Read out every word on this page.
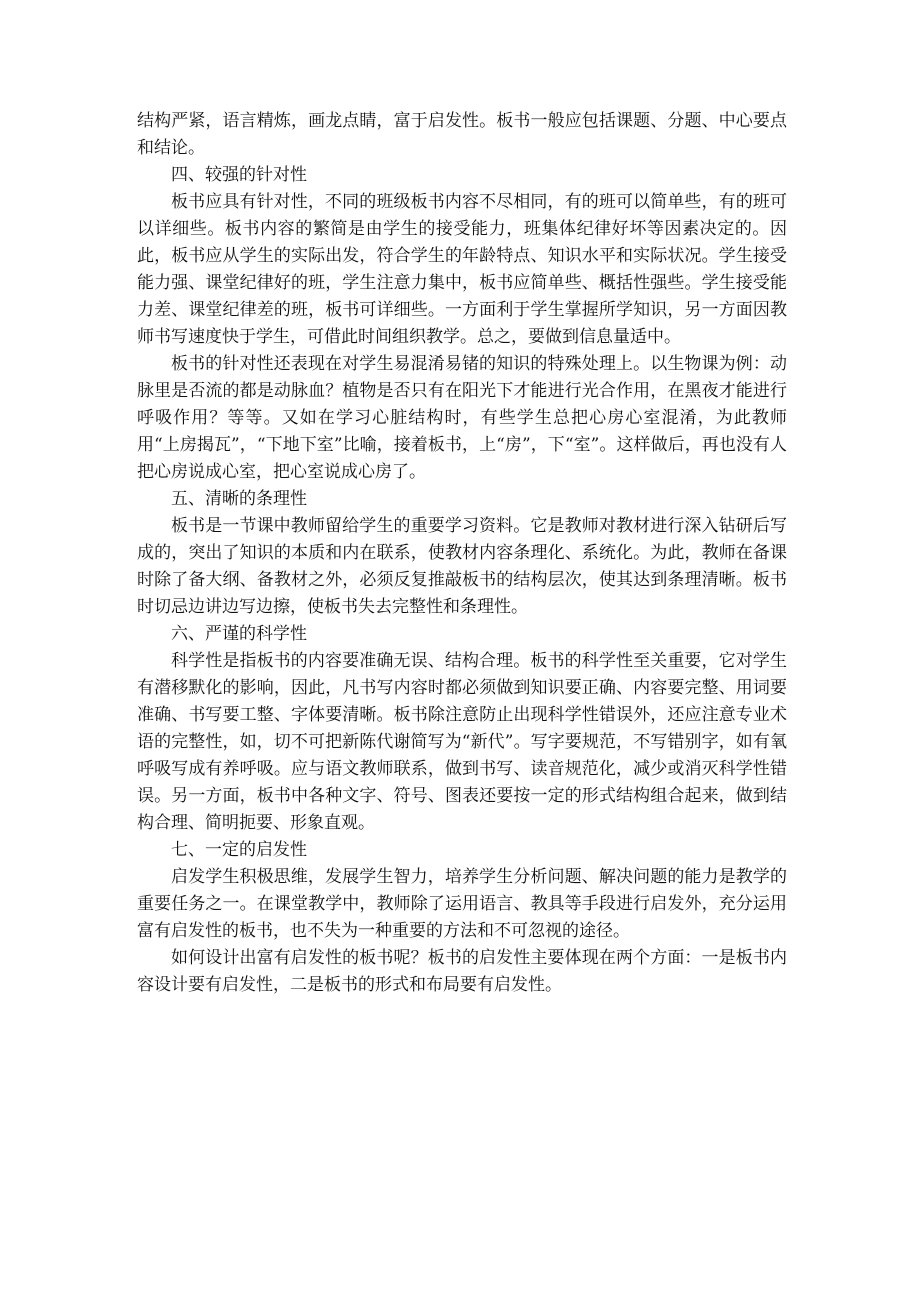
结构严紧，语言精炼，画龙点睛，富于启发性。板书一般应包括课题、分题、中心要点和结论。

四、较强的针对性

板书应具有针对性，不同的班级板书内容不尽相同，有的班可以简单些，有的班可以详细些。板书内容的繁简是由学生的接受能力，班集体纪律好坏等因素决定的。因此，板书应从学生的实际出发，符合学生的年龄特点、知识水平和实际状况。学生接受能力强、课堂纪律好的班，学生注意力集中，板书应简单些、概括性强些。学生接受能力差、课堂纪律差的班，板书可详细些。一方面利于学生掌握所学知识，另一方面因教师书写速度快于学生，可借此时间组织教学。总之，要做到信息量适中。

板书的针对性还表现在对学生易混淆易锗的知识的特殊处理上。以生物课为例：动脉里是否流的都是动脉血？植物是否只有在阳光下才能进行光合作用，在黑夜才能进行呼吸作用？等等。又如在学习心脏结构时，有些学生总把心房心室混淆，为此教师用“上房揭瓦”，“下地下室”比喻，接着板书，上“房”，下“室”。这样做后，再也没有人把心房说成心室，把心室说成心房了。

五、清晰的条理性

板书是一节课中教师留给学生的重要学习资料。它是教师对教材进行深入钻研后写成的，突出了知识的本质和内在联系，使教材内容条理化、系统化。为此，教师在备课时除了备大纲、备教材之外，必须反复推敲板书的结构层次，使其达到条理清晰。板书时切忌边讲边写边擦，使板书失去完整性和条理性。

六、严谨的科学性

科学性是指板书的内容要准确无误、结构合理。板书的科学性至关重要，它对学生有潜移默化的影响，因此，凡书写内容时都必须做到知识要正确、内容要完整、用词要准确、书写要工整、字体要清晰。板书除注意防止出现科学性错误外，还应注意专业术语的完整性，如，切不可把新陈代谢简写为“新代”。写字要规范，不写错别字，如有氧呼吸写成有养呼吸。应与语文教师联系，做到书写、读音规范化，减少或消灭科学性错误。另一方面，板书中各种文字、符号、图表还要按一定的形式结构组合起来，做到结构合理、简明扼要、形象直观。

七、一定的启发性

启发学生积极思维，发展学生智力，培养学生分析问题、解决问题的能力是教学的重要任务之一。在课堂教学中，教师除了运用语言、教具等手段进行启发外，充分运用富有启发性的板书，也不失为一种重要的方法和不可忽视的途径。

如何设计出富有启发性的板书呢？板书的启发性主要体现在两个方面：一是板书内容设计要有启发性，二是板书的形式和布局要有启发性。
